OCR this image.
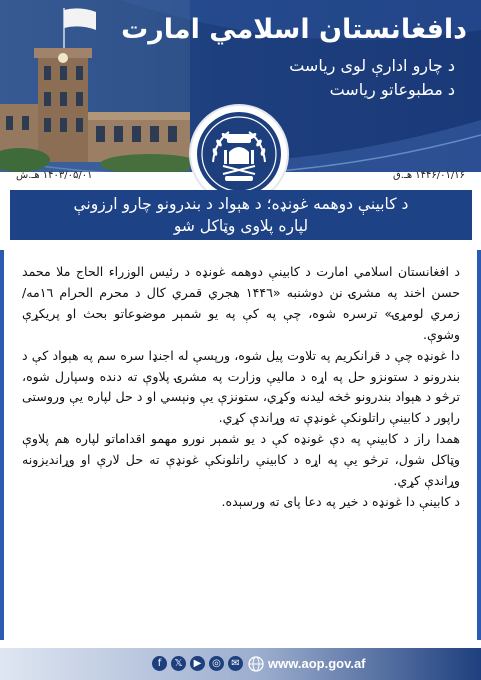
دافغانستان اسلامي امارت
د چارو ادارې لوی ریاست
د مطبوعاتو ریاست
۱۴۴۶/۰۱/۱۶ هـ.ق
۱۴۰۳/۰۵/۰۱ هـ.ش
د کابینې دوهمه غونډه؛ د هېواد د بندرونو چارو ارزونې
لپاره پلاوی وټاکل شو

د افغانستان اسلامي امارت د کابینې دوهمه غونډه د رئيس الوزراء الحاج ملا محمد حسن اخند په مشرۍ نن دوشنبه «۱۴۴٦ هجري قمري کال د محرم الحرام ۱٦مه/ زمري لومړۍ» ترسره شوه، چې په کې په یو شمېر موضوعاتو بحث او پریکړې وشوې.

دا غونډه چې د قرانکریم په تلاوت پیل شوه، ورپسې له اجنډا سره سم په هېواد کې د بندرونو د ستونزو حل په اړه د مالیې وزارت په مشرۍ پلاوې ته دنده وسپارل شوه، ترڅو د هېواد بندرونو څخه لیدنه وکړي، ستونزې یې ونېسي او د حل لپاره یې وروستی راپور د کابینې راتلونکې غونډې ته وړاندې کړي.

همدا راز د کابینې په دې غونډه کې د یو شمېر نورو مهمو اقداماتو لپاره هم پلاوې وټاکل شول، ترڅو یې په اړه د کابینې راتلونکې غونډې ته حل لارې او وړاندیزونه وړاندې کړي.

د کابینې دا غونډه د خیر په دعا پای ته ورسېده.

f	𝕏	▶	◎	✉ www.aop.gov.af
